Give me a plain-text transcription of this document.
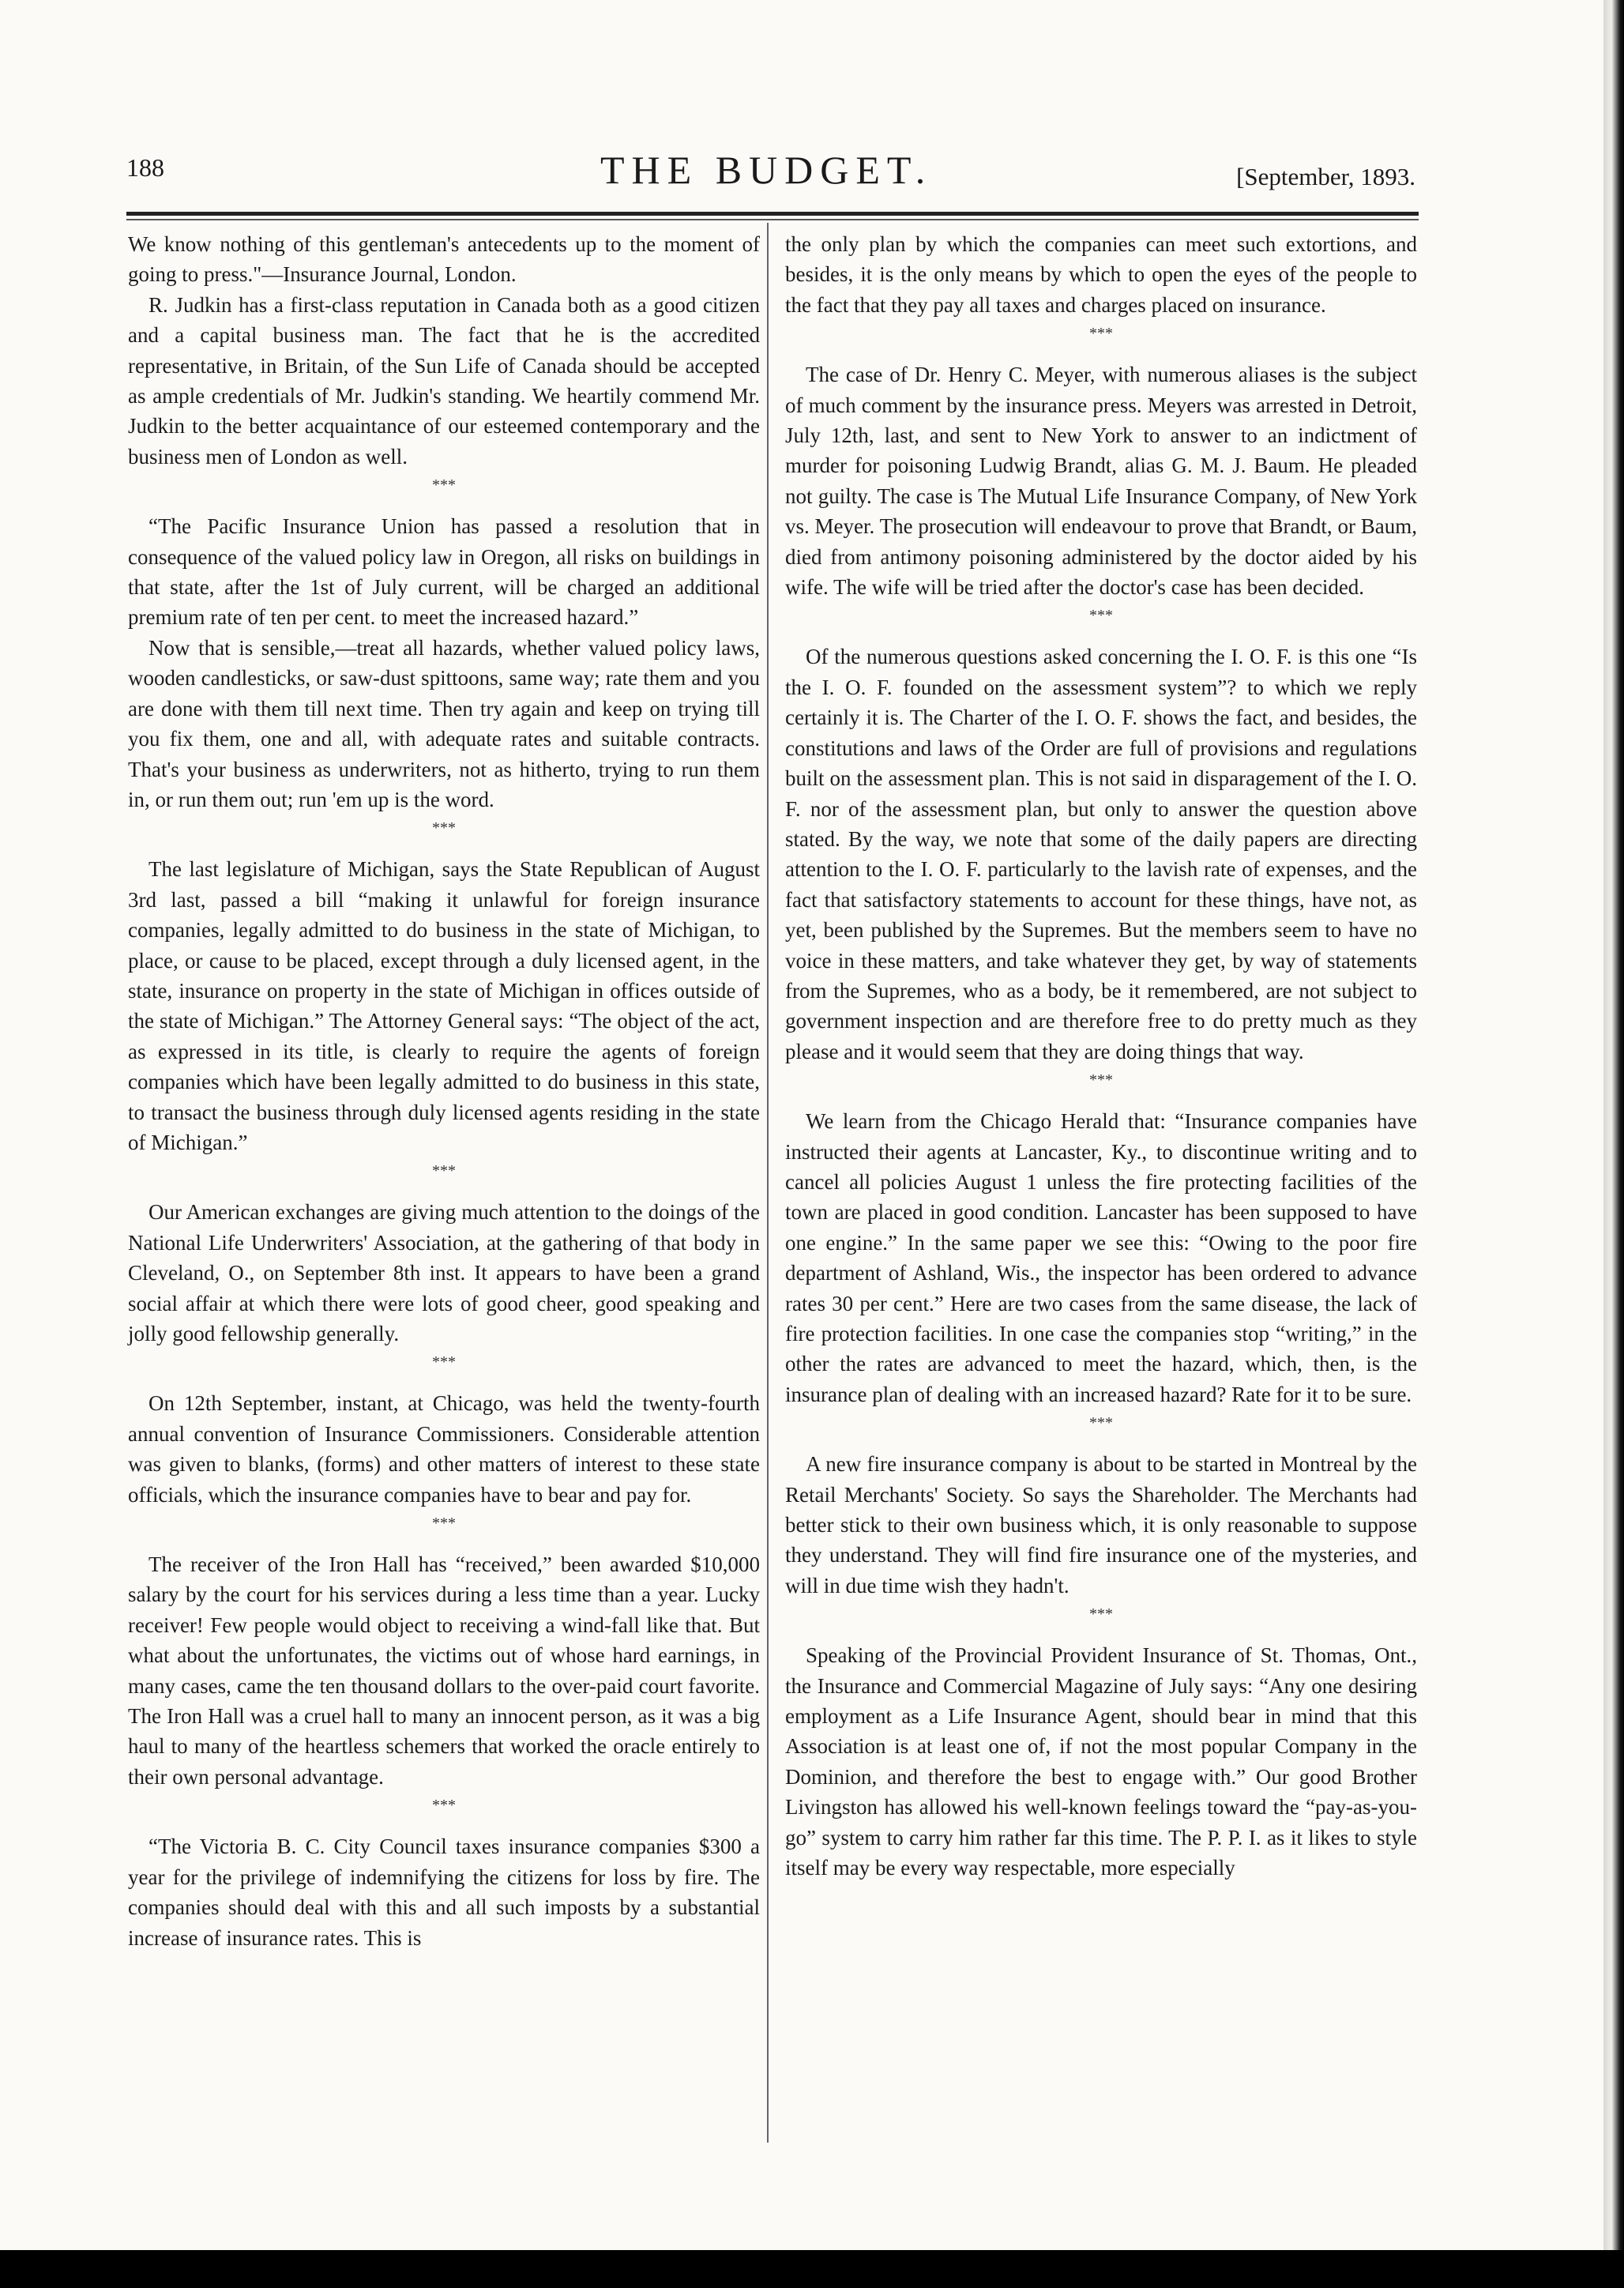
188	THE BUDGET.	[September, 1893.

We know nothing of this gentleman's antecedents up to the moment of going to press."—Insurance Journal, London.

R. Judkin has a first-class reputation in Canada both as a good citizen and a capital business man. The fact that he is the accredited representative, in Britain, of the Sun Life of Canada should be accepted as ample credentials of Mr. Judkin's standing. We heartily commend Mr. Judkin to the better acquaintance of our esteemed contemporary and the business men of London as well.

***

“The Pacific Insurance Union has passed a resolution that in consequence of the valued policy law in Oregon, all risks on buildings in that state, after the 1st of July current, will be charged an additional premium rate of ten per cent. to meet the increased hazard.”

Now that is sensible,—treat all hazards, whether valued policy laws, wooden candlesticks, or saw-dust spittoons, same way; rate them and you are done with them till next time. Then try again and keep on trying till you fix them, one and all, with adequate rates and suitable contracts. That's your business as underwriters, not as hitherto, trying to run them in, or run them out; run 'em up is the word.

***

The last legislature of Michigan, says the State Republican of August 3rd last, passed a bill “making it unlawful for foreign insurance companies, legally admitted to do business in the state of Michigan, to place, or cause to be placed, except through a duly licensed agent, in the state, insurance on property in the state of Michigan in offices outside of the state of Michigan.” The Attorney General says: “The object of the act, as expressed in its title, is clearly to require the agents of foreign companies which have been legally admitted to do business in this state, to transact the business through duly licensed agents residing in the state of Michigan.”

***

Our American exchanges are giving much attention to the doings of the National Life Underwriters' Association, at the gathering of that body in Cleveland, O., on September 8th inst. It appears to have been a grand social affair at which there were lots of good cheer, good speaking and jolly good fellowship generally.

***

On 12th September, instant, at Chicago, was held the twenty-fourth annual convention of Insurance Commissioners. Considerable attention was given to blanks, (forms) and other matters of interest to these state officials, which the insurance companies have to bear and pay for.

***

The receiver of the Iron Hall has “received,” been awarded $10,000 salary by the court for his services during a less time than a year. Lucky receiver! Few people would object to receiving a wind-fall like that. But what about the unfortunates, the victims out of whose hard earnings, in many cases, came the ten thousand dollars to the over-paid court favorite. The Iron Hall was a cruel hall to many an innocent person, as it was a big haul to many of the heartless schemers that worked the oracle entirely to their own personal advantage.

***

“The Victoria B. C. City Council taxes insurance companies $300 a year for the privilege of indemnifying the citizens for loss by fire. The companies should deal with this and all such imposts by a substantial increase of insurance rates. This is

the only plan by which the companies can meet such extortions, and besides, it is the only means by which to open the eyes of the people to the fact that they pay all taxes and charges placed on insurance.

***

The case of Dr. Henry C. Meyer, with numerous aliases is the subject of much comment by the insurance press. Meyers was arrested in Detroit, July 12th, last, and sent to New York to answer to an indictment of murder for poisoning Ludwig Brandt, alias G. M. J. Baum. He pleaded not guilty. The case is The Mutual Life Insurance Company, of New York vs. Meyer. The prosecution will endeavour to prove that Brandt, or Baum, died from antimony poisoning administered by the doctor aided by his wife. The wife will be tried after the doctor's case has been decided.

***

Of the numerous questions asked concerning the I. O. F. is this one “Is the I. O. F. founded on the assessment system”? to which we reply certainly it is. The Charter of the I. O. F. shows the fact, and besides, the constitutions and laws of the Order are full of provisions and regulations built on the assessment plan. This is not said in disparagement of the I. O. F. nor of the assessment plan, but only to answer the question above stated. By the way, we note that some of the daily papers are directing attention to the I. O. F. particularly to the lavish rate of expenses, and the fact that satisfactory statements to account for these things, have not, as yet, been published by the Supremes. But the members seem to have no voice in these matters, and take whatever they get, by way of statements from the Supremes, who as a body, be it remembered, are not subject to government inspection and are therefore free to do pretty much as they please and it would seem that they are doing things that way.

***

We learn from the Chicago Herald that: “Insurance companies have instructed their agents at Lancaster, Ky., to discontinue writing and to cancel all policies August 1 unless the fire protecting facilities of the town are placed in good condition. Lancaster has been supposed to have one engine.” In the same paper we see this: “Owing to the poor fire department of Ashland, Wis., the inspector has been ordered to advance rates 30 per cent.” Here are two cases from the same disease, the lack of fire protection facilities. In one case the companies stop “writing,” in the other the rates are advanced to meet the hazard, which, then, is the insurance plan of dealing with an increased hazard? Rate for it to be sure.

***

A new fire insurance company is about to be started in Montreal by the Retail Merchants' Society. So says the Shareholder. The Merchants had better stick to their own business which, it is only reasonable to suppose they understand. They will find fire insurance one of the mysteries, and will in due time wish they hadn't.

***

Speaking of the Provincial Provident Insurance of St. Thomas, Ont., the Insurance and Commercial Magazine of July says: “Any one desiring employment as a Life Insurance Agent, should bear in mind that this Association is at least one of, if not the most popular Company in the Dominion, and therefore the best to engage with.” Our good Brother Livingston has allowed his well-known feelings toward the “pay-as-you-go” system to carry him rather far this time. The P. P. I. as it likes to style itself may be every way respectable, more especially
